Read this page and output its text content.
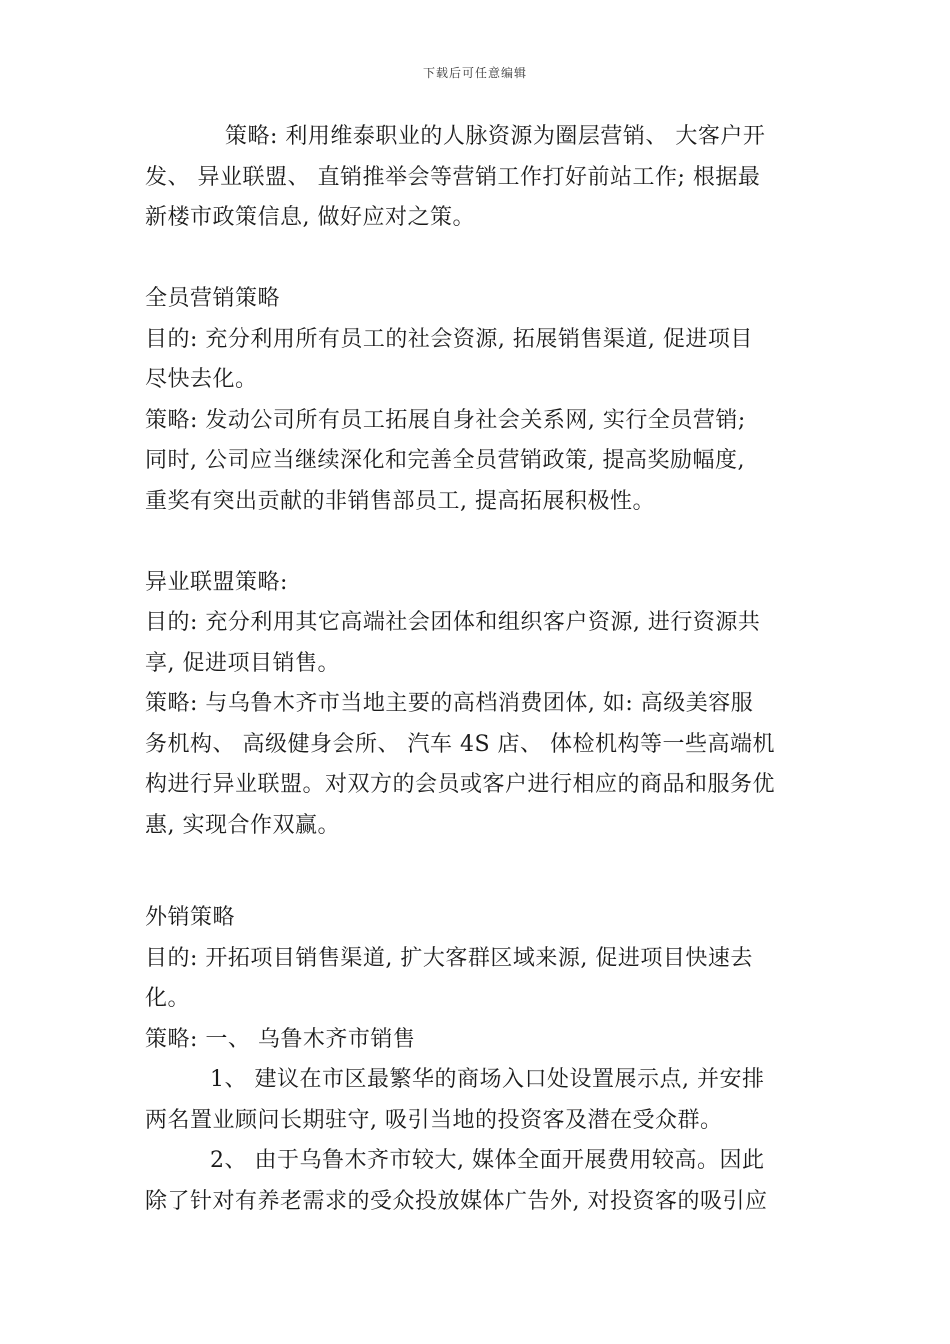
下载后可任意编辑
策略: 利用维泰职业的人脉资源为圈层营销、 大客户开
发、 异业联盟、 直销推举会等营销工作打好前站工作; 根据最
新楼市政策信息, 做好应对之策。
全员营销策略
目的: 充分利用所有员工的社会资源, 拓展销售渠道, 促进项目
尽快去化。
策略: 发动公司所有员工拓展自身社会关系网, 实行全员营销;
同时, 公司应当继续深化和完善全员营销政策, 提高奖励幅度,
重奖有突出贡献的非销售部员工, 提高拓展积极性。
异业联盟策略:
目的: 充分利用其它高端社会团体和组织客户资源, 进行资源共
享, 促进项目销售。
策略: 与乌鲁木齐市当地主要的高档消费团体, 如: 高级美容服
务机构、 高级健身会所、 汽车 4S 店、 体检机构等一些高端机
构进行异业联盟。对双方的会员或客户进行相应的商品和服务优
惠, 实现合作双赢。
外销策略
目的: 开拓项目销售渠道, 扩大客群区域来源, 促进项目快速去
化。
策略: 一、 乌鲁木齐市销售
1、 建议在市区最繁华的商场入口处设置展示点, 并安排
两名置业顾问长期驻守, 吸引当地的投资客及潜在受众群。
2、 由于乌鲁木齐市较大, 媒体全面开展费用较高。因此
除了针对有养老需求的受众投放媒体广告外, 对投资客的吸引应
